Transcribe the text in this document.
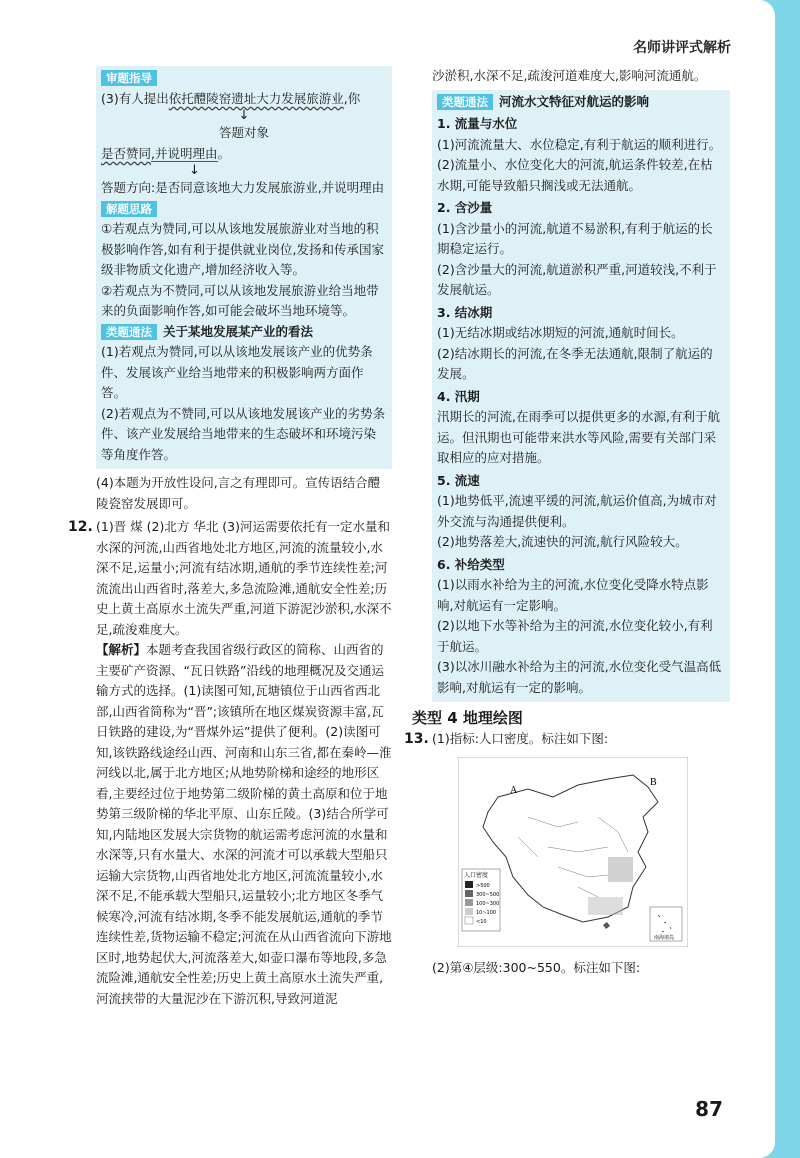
名师讲评式解析
审题指导

(3)有人提出依托醴陵窑遗址大力发展旅游业,你

↓

答题对象

是否赞同,并说明理由。

↓

答题方向:是否同意该地大力发展旅游业,并说明理由

解题思路

①若观点为赞同,可以从该地发展旅游业对当地的积极影响作答,如有利于提供就业岗位,发扬和传承国家级非物质文化遗产,增加经济收入等。

②若观点为不赞同,可以从该地发展旅游业给当地带来的负面影响作答,如可能会破坏当地环境等。

类题通法 关于某地发展某产业的看法

(1)若观点为赞同,可以从该地发展该产业的优势条件、发展该产业给当地带来的积极影响两方面作答。

(2)若观点为不赞同,可以从该地发展该产业的劣势条件、该产业发展给当地带来的生态破坏和环境污染等角度作答。

(4)本题为开放性设问,言之有理即可。宣传语结合醴陵瓷窑发展即可。

12. (1)晋 煤 (2)北方 华北 (3)河运需要依托有一定水量和水深的河流,山西省地处北方地区,河流的流量较小,水深不足,运量小;河流有结冰期,通航的季节连续性差;河流流出山西省时,落差大,多急流险滩,通航安全性差;历史上黄土高原水土流失严重,河道下游泥沙淤积,水深不足,疏浚难度大。

【解析】本题考查我国省级行政区的简称、山西省的主要矿产资源、“瓦日铁路”沿线的地理概况及交通运输方式的选择。(1)读图可知,瓦塘镇位于山西省西北部,山西省简称为“晋”;该镇所在地区煤炭资源丰富,瓦日铁路的建设,为“晋煤外运”提供了便利。(2)读图可知,该铁路线途经山西、河南和山东三省,都在秦岭—淮河线以北,属于北方地区;从地势阶梯和途经的地形区看,主要经过位于地势第二级阶梯的黄土高原和位于地势第三级阶梯的华北平原、山东丘陵。(3)结合所学可知,内陆地区发展大宗货物的航运需考虑河流的水量和水深等,只有水量大、水深的河流才可以承载大型船只运输大宗货物,山西省地处北方地区,河流流量较小,水深不足,不能承载大型船只,运量较小;北方地区冬季气候寒冷,河流有结冰期,冬季不能发展航运,通航的季节连续性差,货物运输不稳定;河流在从山西省流向下游地区时,地势起伏大,河流落差大,如壶口瀑布等地段,多急流险滩,通航安全性差;历史上黄土高原水土流失严重,河流挟带的大量泥沙在下游沉积,导致河道泥

沙淤积,水深不足,疏浚河道难度大,影响河流通航。

类题通法 河流水文特征对航运的影响

1. 流量与水位

(1)河流流量大、水位稳定,有利于航运的顺利进行。

(2)流量小、水位变化大的河流,航运条件较差,在枯水期,可能导致船只搁浅或无法通航。

2. 含沙量

(1)含沙量小的河流,航道不易淤积,有利于航运的长期稳定运行。

(2)含沙量大的河流,航道淤积严重,河道较浅,不利于发展航运。

3. 结冰期

(1)无结冰期或结冰期短的河流,通航时间长。

(2)结冰期长的河流,在冬季无法通航,限制了航运的发展。

4. 汛期

汛期长的河流,在雨季可以提供更多的水源,有利于航运。但汛期也可能带来洪水等风险,需要有关部门采取相应的应对措施。

5. 流速

(1)地势低平,流速平缓的河流,航运价值高,为城市对外交流与沟通提供便利。

(2)地势落差大,流速快的河流,航行风险较大。

6. 补给类型

(1)以雨水补给为主的河流,水位变化受降水特点影响,对航运有一定影响。

(2)以地下水等补给为主的河流,水位变化较小,有利于航运。

(3)以冰川融水补给为主的河流,水位变化受气温高低影响,对航运有一定的影响。

类型 4 地理绘图

13. (1)指标:人口密度。标注如下图:

A
B
人口密度
>500
300~500
100~300
10~100
<10
南海诸岛

(2)第④层级:300~550。标注如下图:

87
